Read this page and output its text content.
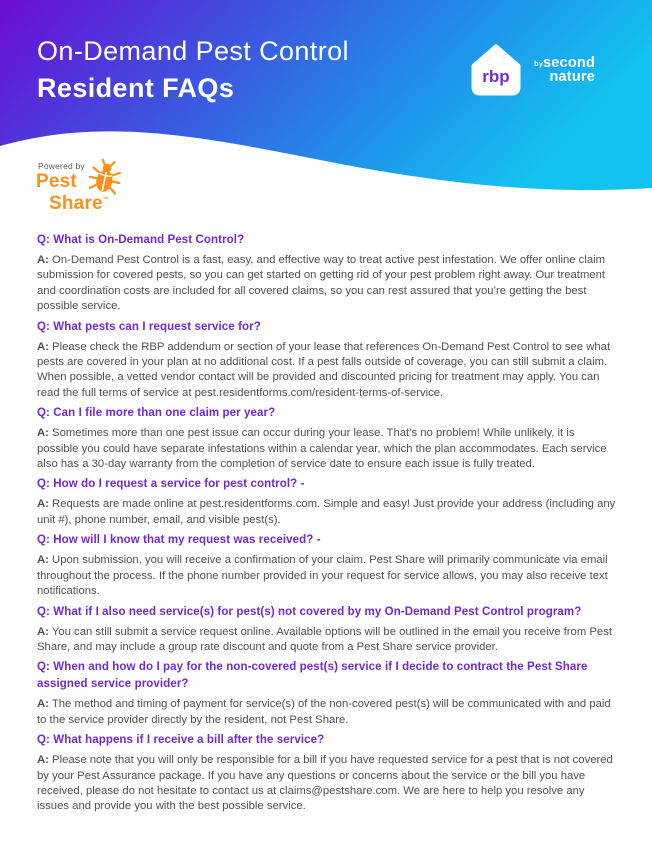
On-Demand Pest Control
Resident FAQs	rbp
by second
nature

Powered by

Pest

Share™

Q: What is On-Demand Pest Control?

A: On-Demand Pest Control is a fast, easy, and effective way to treat active pest infestation. We offer online claim submission for covered pests, so you can get started on getting rid of your pest problem right away. Our treatment and coordination costs are included for all covered claims, so you can rest assured that you’re getting the best possible service.

Q: What pests can I request service for?

A: Please check the RBP addendum or section of your lease that references On-Demand Pest Control to see what pests are covered in your plan at no additional cost. If a pest falls outside of coverage, you can still submit a claim. When possible, a vetted vendor contact will be provided and discounted pricing for treatment may apply. You can read the full terms of service at pest.residentforms.com/resident-terms-of-service.

Q: Can I file more than one claim per year?

A: Sometimes more than one pest issue can occur during your lease. That’s no problem! While unlikely, it is possible you could have separate infestations within a calendar year, which the plan accommodates. Each service also has a 30-day warranty from the completion of service date to ensure each issue is fully treated.

Q: How do I request a service for pest control? -

A: Requests are made online at pest.residentforms.com. Simple and easy! Just provide your address (including any unit #), phone number, email, and visible pest(s).

Q: How will I know that my request was received? -

A: Upon submission, you will receive a confirmation of your claim. Pest Share will primarily communicate via email throughout the process. If the phone number provided in your request for service allows, you may also receive text notifications.

Q: What if I also need service(s) for pest(s) not covered by my On-Demand Pest Control program?

A: You can still submit a service request online. Available options will be outlined in the email you receive from Pest Share, and may include a group rate discount and quote from a Pest Share service provider.

Q: When and how do I pay for the non-covered pest(s) service if I decide to contract the Pest Share assigned service provider?

A: The method and timing of payment for service(s) of the non-covered pest(s) will be communicated with and paid to the service provider directly by the resident, not Pest Share.

Q: What happens if I receive a bill after the service?

A: Please note that you will only be responsible for a bill if you have requested service for a pest that is not covered by your Pest Assurance package. If you have any questions or concerns about the service or the bill you have received, please do not hesitate to contact us at claims@pestshare.com. We are here to help you resolve any issues and provide you with the best possible service.
